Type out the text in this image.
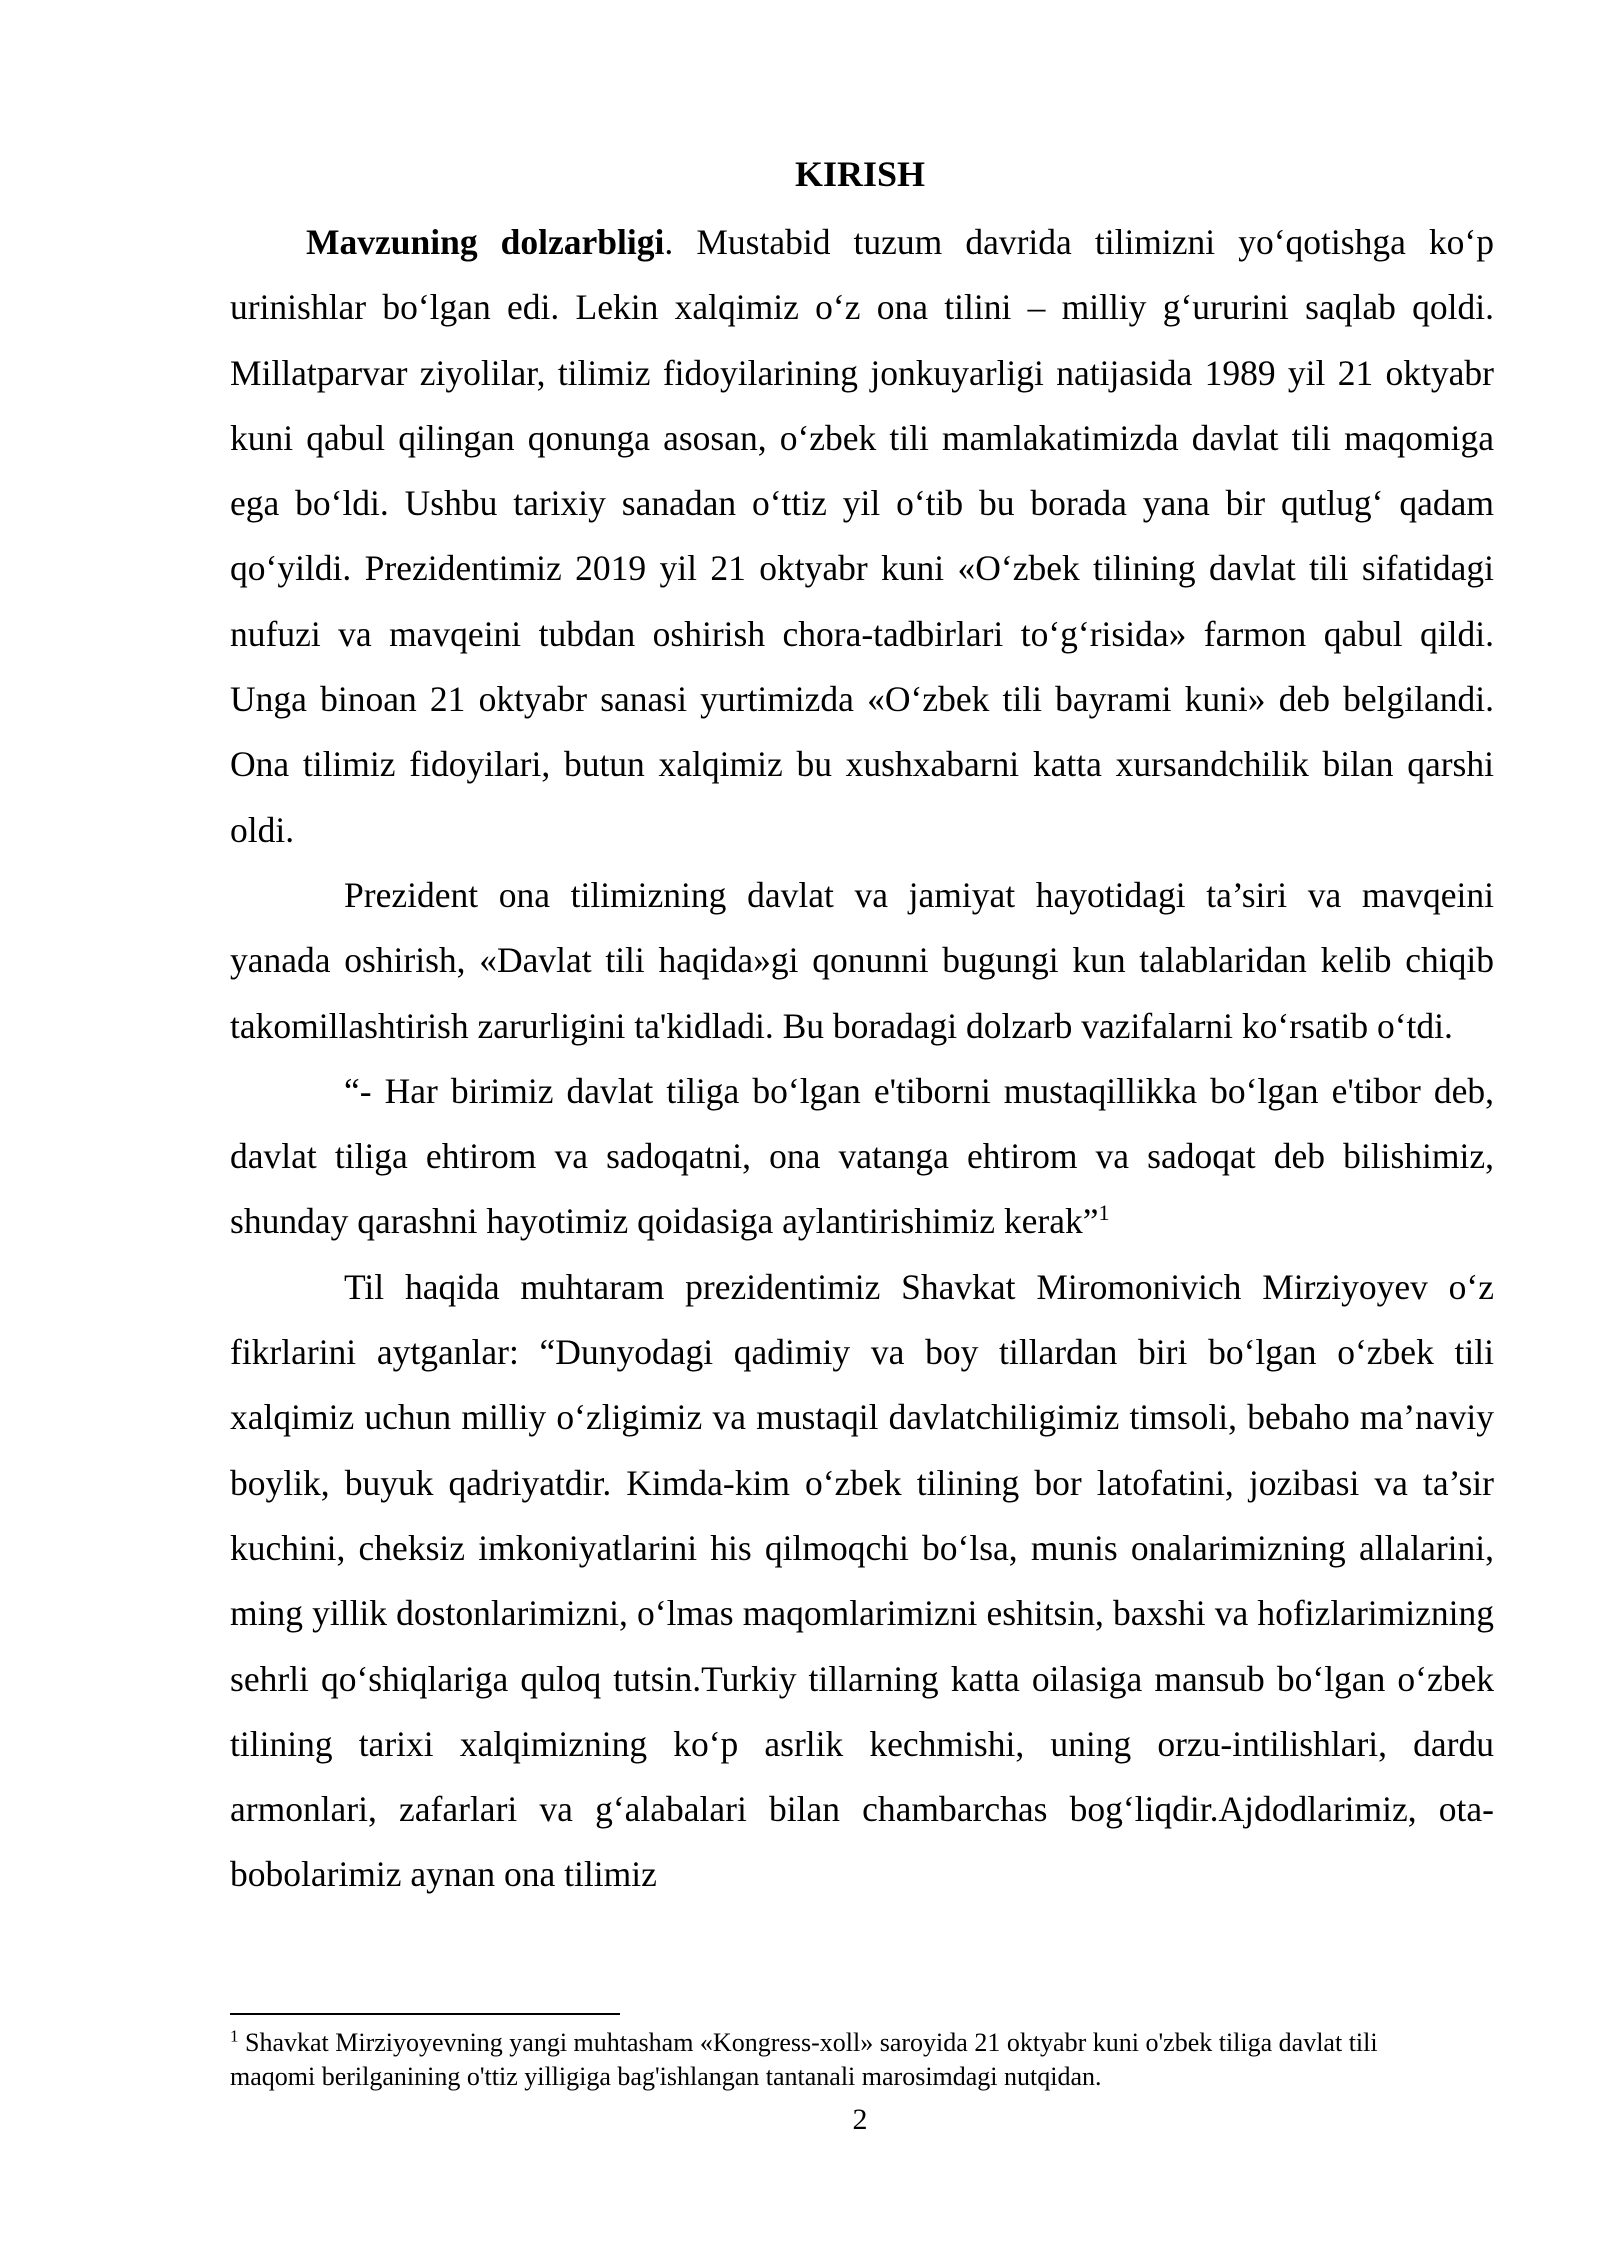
KIRISH

Mavzuning dolzarbligi. Mustabid tuzum davrida tilimizni yo‘qotishga ko‘p urinishlar bo‘lgan edi. Lekin xalqimiz o‘z ona tilini – milliy g‘ururini saqlab qoldi. Millatparvar ziyolilar, tilimiz fidoyilarining jonkuyarligi natijasida 1989 yil 21 oktyabr kuni qabul qilingan qonunga asosan, o‘zbek tili mamlakatimizda davlat tili maqomiga ega bo‘ldi. Ushbu tarixiy sanadan o‘ttiz yil o‘tib bu borada yana bir qutlug‘ qadam qo‘yildi. Prezidentimiz 2019 yil 21 oktyabr kuni «O‘zbek tilining davlat tili sifatidagi nufuzi va mavqeini tubdan oshirish chora-tadbirlari to‘g‘risida» farmon qabul qildi. Unga binoan 21 oktyabr sanasi yurtimizda «O‘zbek tili bayrami kuni» deb belgilandi. Ona tilimiz fidoyilari, butun xalqimiz bu xushxabarni katta xursandchilik bilan qarshi oldi.

Prezident ona tilimizning davlat va jamiyat hayotidagi ta’siri va mavqeini yanada oshirish, «Davlat tili haqida»gi qonunni bugungi kun talablaridan kelib chiqib takomillashtirish zarurligini ta'kidladi. Bu boradagi dolzarb vazifalarni ko‘rsatib o‘tdi.

“- Har birimiz davlat tiliga bo‘lgan e'tiborni mustaqillikka bo‘lgan e'tibor deb, davlat tiliga ehtirom va sadoqatni, ona vatanga ehtirom va sadoqat deb bilishimiz, shunday qarashni hayotimiz qoidasiga aylantirishimiz kerak”$^1$

Til haqida muhtaram prezidentimiz Shavkat Miromonivich Mirziyoyev o‘z fikrlarini aytganlar: “Dunyodagi qadimiy va boy tillardan biri bo‘lgan o‘zbek tili xalqimiz uchun milliy o‘zligimiz va mustaqil davlatchiligimiz timsoli, bebaho ma’naviy boylik, buyuk qadriyatdir. Kimda-kim o‘zbek tilining bor latofatini, jozibasi va ta’sir kuchini, cheksiz imkoniyatlarini his qilmoqchi bo‘lsa, munis onalarimizning allalarini, ming yillik dostonlarimizni, o‘lmas maqomlarimizni eshitsin, baxshi va hofizlarimizning sehrli qo‘shiqlariga quloq tutsin.Turkiy tillarning katta oilasiga mansub bo‘lgan o‘zbek tilining tarixi xalqimizning ko‘p asrlik kechmishi, uning orzu-intilishlari, dardu armonlari, zafarlari va g‘alabalari bilan chambarchas bog‘liqdir.Ajdodlarimiz, ota-bobolarimiz aynan ona tilimiz

$^1$ Shavkat Mirziyoyevning yangi muhtasham «Kongress-xoll» saroyida 21 oktyabr kuni o'zbek tiliga davlat tili maqomi berilganining o'ttiz yilligiga bag'ishlangan tantanali marosimdagi nutqidan.
2
